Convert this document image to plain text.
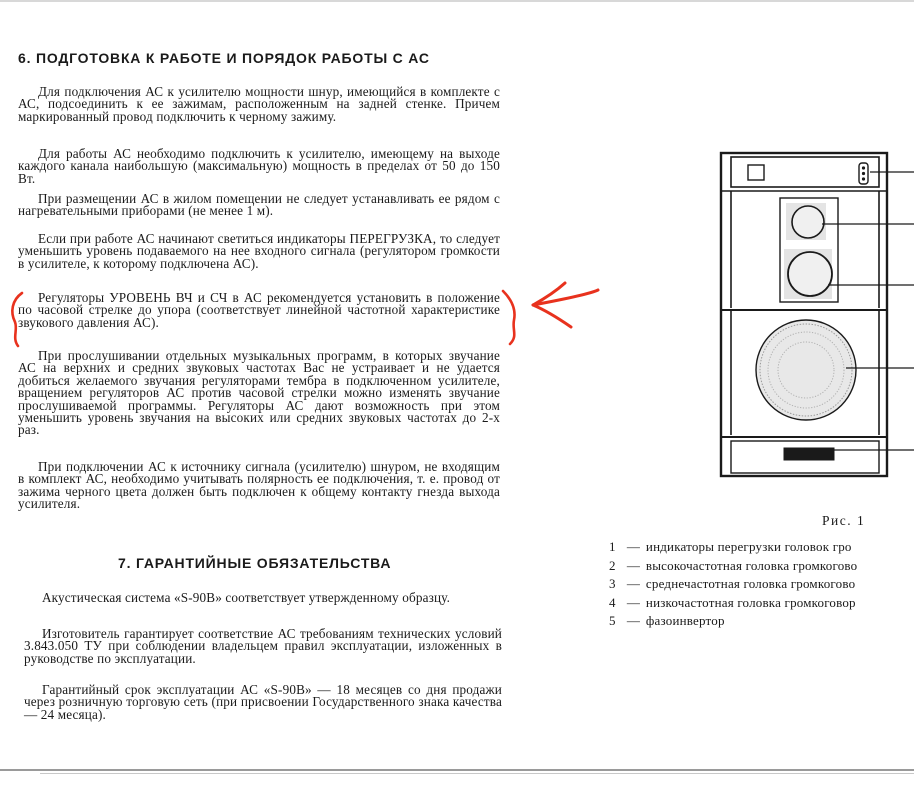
6. ПОДГОТОВКА К РАБОТЕ И ПОРЯДОК РАБОТЫ С АС

Для подключения АС к усилителю мощности шнур, имеющийся в комплекте с АС, подсоединить к ее зажимам, расположенным на задней стенке. Причем маркированный провод подключить к черному зажиму.

Для работы АС необходимо подключить к усилителю, имеющему на выходе каждого канала наибольшую (максимальную) мощность в пределах от 50 до 150 Вт.

При размещении АС в жилом помещении не следует устанавливать ее рядом с нагревательными приборами (не менее 1 м).

Если при работе АС начинают светиться индикаторы ПЕРЕГРУЗКА, то следует уменьшить уровень подаваемого на нее входного сигнала (регулятором громкости в усилителе, к которому подключена АС).

Регуляторы УРОВЕНЬ ВЧ и СЧ в АС рекомендуется установить в положение по часовой стрелке до упора (соответствует линейной частотной характеристике звукового давления АС).

При прослушивании отдельных музыкальных программ, в которых звучание АС на верхних и средних звуковых частотах Вас не устраивает и не удается добиться желаемого звучания регуляторами тембра в подключенном усилителе, вращением регуляторов АС против часовой стрелки можно изменять звучание прослушиваемой программы. Регуляторы АС дают возможность при этом уменьшить уровень звучания на высоких или средних звуковых частотах до 2-х раз.

При подключении АС к источнику сигнала (усилителю) шнуром, не входящим в комплект АС, необходимо учитывать полярность ее подключения, т. е. провод от зажима черного цвета должен быть подключен к общему контакту гнезда выхода усилителя.

7. ГАРАНТИЙНЫЕ ОБЯЗАТЕЛЬСТВА

Акустическая система «S-90В» соответствует утвержденному образцу.

Изготовитель гарантирует соответствие АС требованиям технических условий 3.843.050 ТУ при соблюдении владельцем правил эксплуатации, изложенных в руководстве по эксплуатации.

Гарантийный срок эксплуатации АС «S-90В» — 18 месяцев со дня продажи через розничную торговую сеть (при присвоении Государственного знака качества — 24 месяца).

Рис. 1

1 — индикаторы перегрузки головок гро
2 — высокочастотная головка громкогово
3 — среднечастотная головка громкогово
4 — низкочастотная головка громкоговор
5 — фазоинвертор
